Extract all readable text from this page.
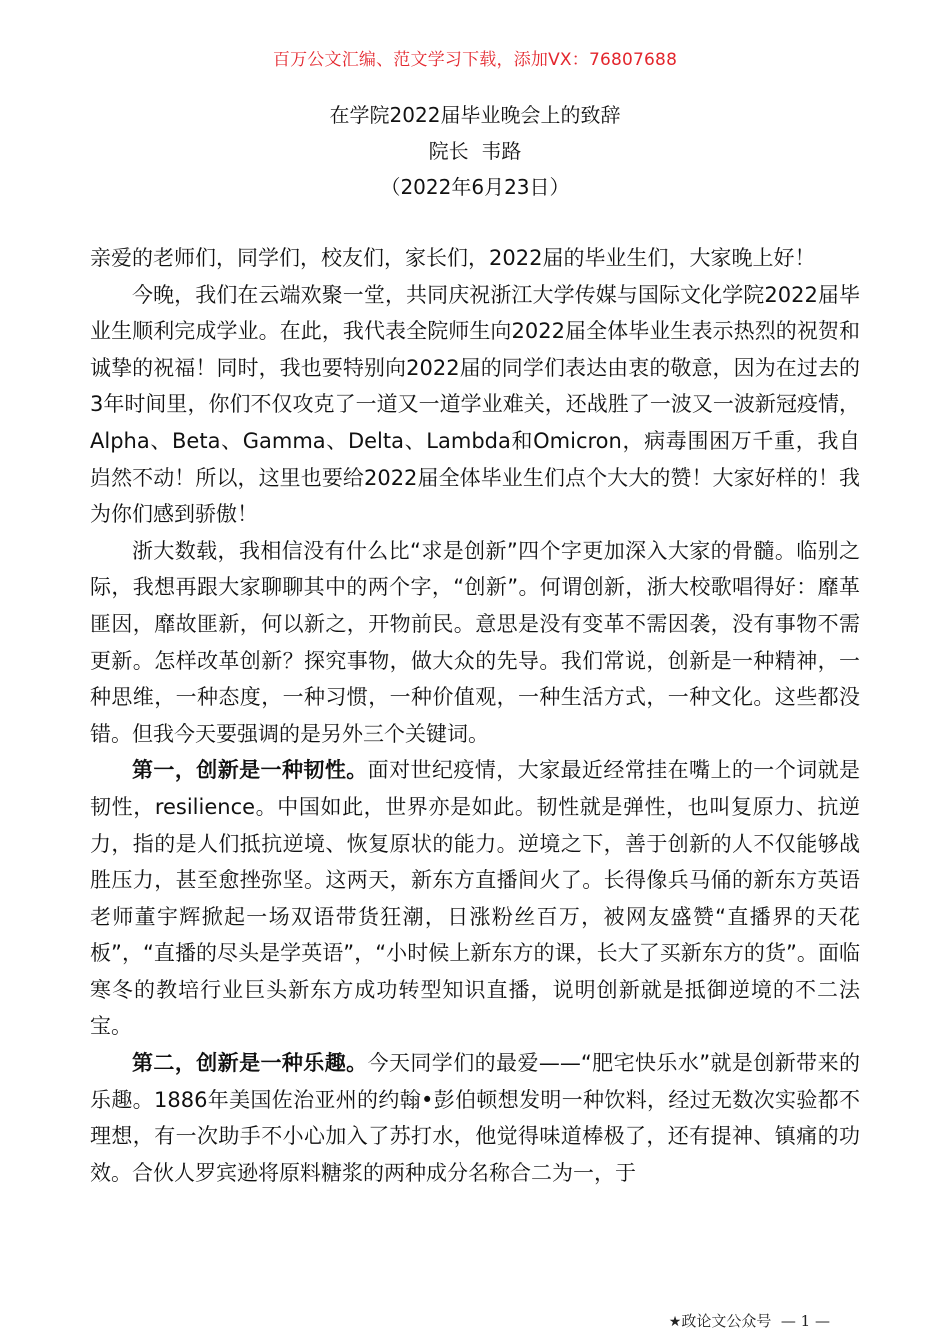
百万公文汇编、范文学习下载，添加VX：76807688
在学院2022届毕业晚会上的致辞
院长  韦路
（2022年6月23日）

亲爱的老师们，同学们，校友们，家长们，2022届的毕业生们，大家晚上好！

今晚，我们在云端欢聚一堂，共同庆祝浙江大学传媒与国际文化学院2022届毕业生顺利完成学业。在此，我代表全院师生向2022届全体毕业生表示热烈的祝贺和诚挚的祝福！同时，我也要特别向2022届的同学们表达由衷的敬意，因为在过去的3年时间里，你们不仅攻克了一道又一道学业难关，还战胜了一波又一波新冠疫情，Alpha、Beta、Gamma、Delta、Lambda和Omicron，病毒围困万千重，我自岿然不动！所以，这里也要给2022届全体毕业生们点个大大的赞！大家好样的！我为你们感到骄傲！

浙大数载，我相信没有什么比“求是创新”四个字更加深入大家的骨髓。临别之际，我想再跟大家聊聊其中的两个字，“创新”。何谓创新，浙大校歌唱得好：靡革匪因，靡故匪新，何以新之，开物前民。意思是没有变革不需因袭，没有事物不需更新。怎样改革创新？探究事物，做大众的先导。我们常说，创新是一种精神，一种思维，一种态度，一种习惯，一种价值观，一种生活方式，一种文化。这些都没错。但我今天要强调的是另外三个关键词。

第一，创新是一种韧性。面对世纪疫情，大家最近经常挂在嘴上的一个词就是韧性，resilience。中国如此，世界亦是如此。韧性就是弹性，也叫复原力、抗逆力，指的是人们抵抗逆境、恢复原状的能力。逆境之下，善于创新的人不仅能够战胜压力，甚至愈挫弥坚。这两天，新东方直播间火了。长得像兵马俑的新东方英语老师董宇辉掀起一场双语带货狂潮，日涨粉丝百万，被网友盛赞“直播界的天花板”，“直播的尽头是学英语”，“小时候上新东方的课，长大了买新东方的货”。面临寒冬的教培行业巨头新东方成功转型知识直播，说明创新就是抵御逆境的不二法宝。

第二，创新是一种乐趣。今天同学们的最爱——“肥宅快乐水”就是创新带来的乐趣。1886年美国佐治亚州的约翰•彭伯顿想发明一种饮料，经过无数次实验都不理想，有一次助手不小心加入了苏打水，他觉得味道棒极了，还有提神、镇痛的功效。合伙人罗宾逊将原料糖浆的两种成分名称合二为一，于

★政论文公众号 — 1 —
